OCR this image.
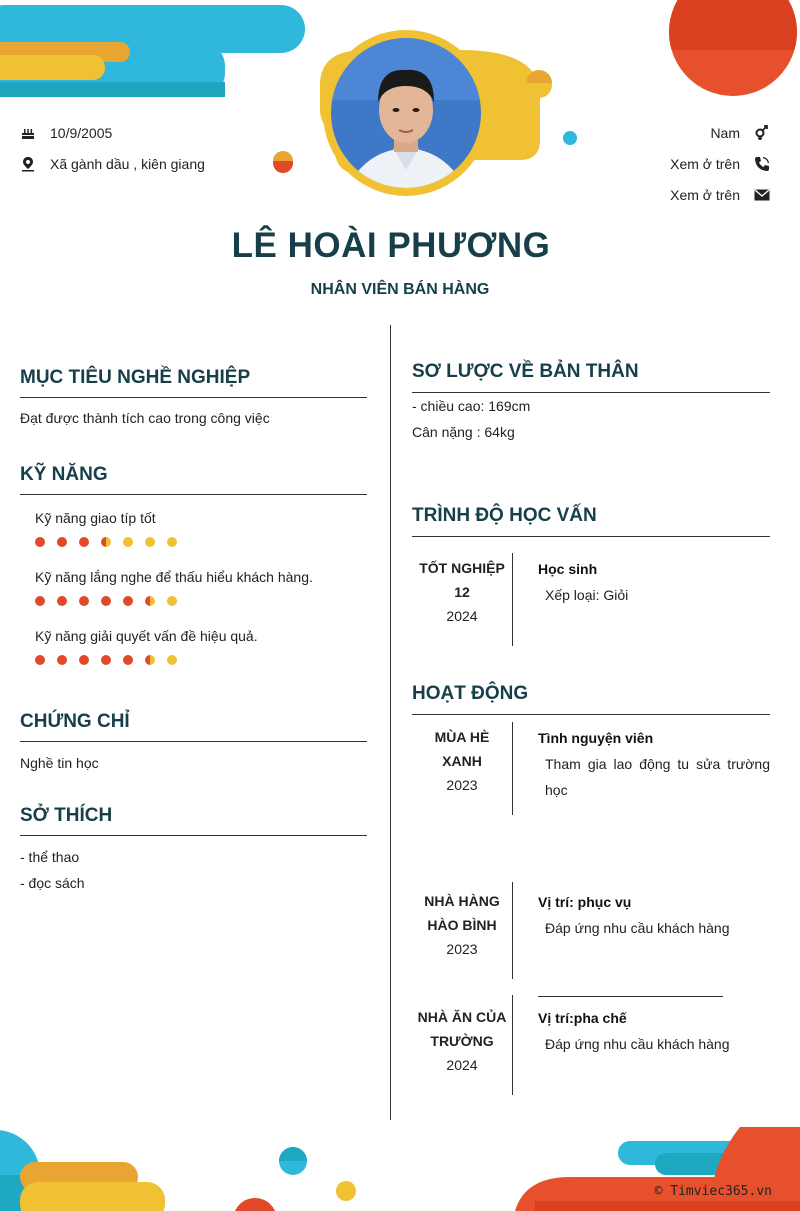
10/9/2005
Xã gành dầu , kiên giang
Nam
Xem ở trên
Xem ở trên
LÊ HOÀI PHƯƠNG
NHÂN VIÊN BÁN HÀNG
MỤC TIÊU NGHỀ NGHIỆP
Đạt được thành tích cao trong công việc
KỸ NĂNG
Kỹ năng giao típ tốt
Kỹ năng lắng nghe để thấu hiểu khách hàng.
Kỹ năng giải quyết vấn đề hiệu quả.
CHỨNG CHỈ
Nghề tin học
SỞ THÍCH
- thể thao
- đọc sách
SƠ LƯỢC VỀ BẢN THÂN
- chiều cao: 169cm
Cân nặng : 64kg
TRÌNH ĐỘ HỌC VẤN
TỐT NGHIỆP
12
2024
Học sinh
Xếp loại: Giỏi
HOẠT ĐỘNG
MÙA HÈ
XANH
2023
Tình nguyện viên
Tham gia lao động tu sửa trường
học
NHÀ HÀNG
HÀO BÌNH
2023
Vị trí: phục vụ
Đáp ứng nhu cầu khách hàng
NHÀ ĂN CỦA
TRƯỜNG
2024
Vị trí:pha chế
Đáp ứng nhu cầu khách hàng
© Timviec365.vn
